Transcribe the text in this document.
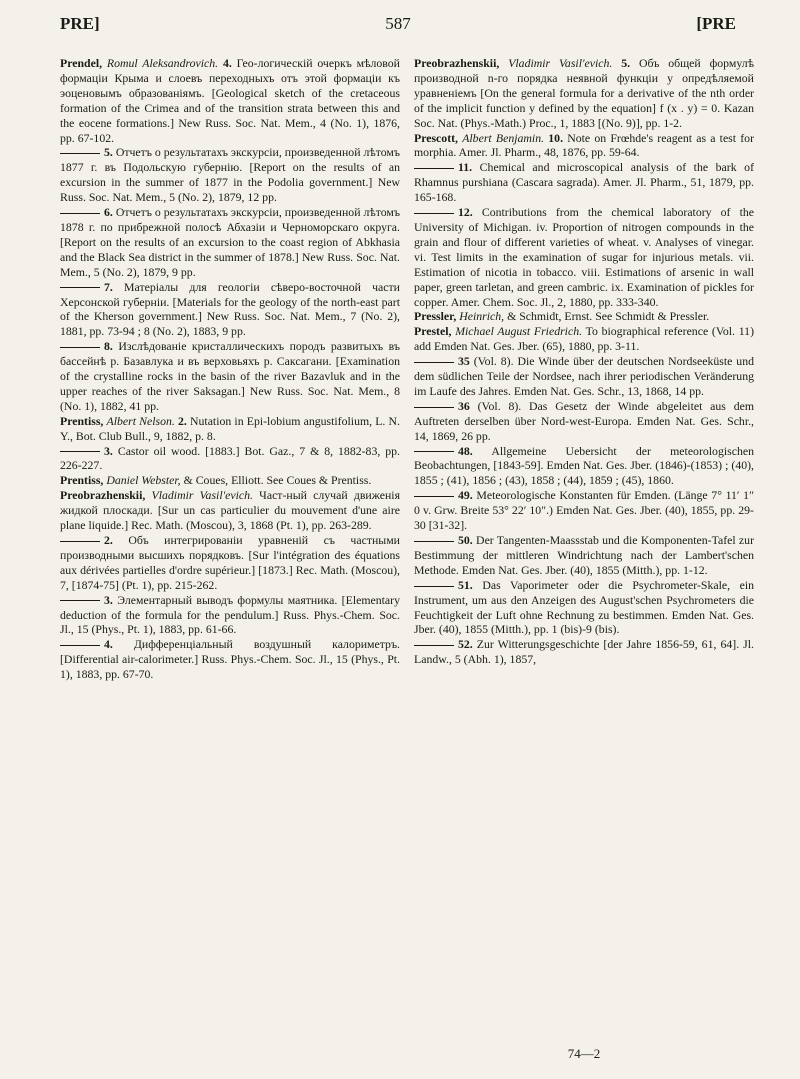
PRE]	587	[PRE

Prendel, Romul Aleksandrovich. 4. Гео-логическій очеркъ мѣловой формаціи Крыма и слоевъ переходныхъ отъ этой формаціи къ эоценовымъ образованіямъ. [Geological sketch of the cretaceous formation of the Crimea and of the transition strata between this and the eocene formations.] New Russ. Soc. Nat. Mem., 4 (No. 1), 1876, pp. 67-102.

5. Отчетъ о результатахъ экскурсіи, произведенной лѣтомъ 1877 г. въ Подольскую губернію. [Report on the results of an excursion in the summer of 1877 in the Podolia government.] New Russ. Soc. Nat. Mem., 5 (No. 2), 1879, 12 pp.

6. Отчетъ о результатахъ экскурсіи, произведенной лѣтомъ 1878 г. по прибрежной полосѣ Абхазіи и Черноморскаго округа. [Report on the results of an excursion to the coast region of Abkhasia and the Black Sea district in the summer of 1878.] New Russ. Soc. Nat. Mem., 5 (No. 2), 1879, 9 pp.

7. Матеріалы для геологіи сѣверо-восточной части Херсонской губерніи. [Materials for the geology of the north-east part of the Kherson government.] New Russ. Soc. Nat. Mem., 7 (No. 2), 1881, pp. 73-94 ; 8 (No. 2), 1883, 9 pp.

8. Изслѣдованіе кристаллическихъ породъ развитыхъ въ бассейнѣ р. Базавлука и въ верховьяхъ р. Саксагани. [Examination of the crystalline rocks in the basin of the river Bazavluk and in the upper reaches of the river Saksagan.] New Russ. Soc. Nat. Mem., 8 (No. 1), 1882, 41 pp.

Prentiss, Albert Nelson. 2. Nutation in Epi-lobium angustifolium, L. N. Y., Bot. Club Bull., 9, 1882, p. 8.

3. Castor oil wood. [1883.] Bot. Gaz., 7 & 8, 1882-83, pp. 226-227.

Prentiss, Daniel Webster, & Coues, Elliott. See Coues & Prentiss.

Preobrazhenskii, Vladimir Vasil'evich. Част-ный случай движенія жидкой плоскади. [Sur un cas particulier du mouvement d'une aire plane liquide.] Rec. Math. (Moscou), 3, 1868 (Pt. 1), pp. 263-289.

2. Объ интегрированіи уравненій съ частными производными высшихъ порядковъ. [Sur l'intégration des équations aux dérivées partielles d'ordre supérieur.] [1873.] Rec. Math. (Moscou), 7, [1874-75] (Pt. 1), pp. 215-262.

3. Элементарный выводъ формулы маятника. [Elementary deduction of the formula for the pendulum.] Russ. Phys.-Chem. Soc. Jl., 15 (Phys., Pt. 1), 1883, pp. 61-66.

4. Дифференціальный воздушный калориметръ. [Differential air-calorimeter.] Russ. Phys.-Chem. Soc. Jl., 15 (Phys., Pt. 1), 1883, pp. 67-70.

Preobrazhenskii, Vladimir Vasil'evich. 5. Объ общей формулѣ производной n-го порядка неявной функціи y опредѣляемой уравненіемъ [On the general formula for a derivative of the nth order of the implicit function y defined by the equation] f (x . y) = 0. Kazan Soc. Nat. (Phys.-Math.) Proc., 1, 1883 [(No. 9)], pp. 1-2.

Prescott, Albert Benjamin. 10. Note on Frœhde's reagent as a test for morphia. Amer. Jl. Pharm., 48, 1876, pp. 59-64.

11. Chemical and microscopical analysis of the bark of Rhamnus purshiana (Cascara sagrada). Amer. Jl. Pharm., 51, 1879, pp. 165-168.

12. Contributions from the chemical laboratory of the University of Michigan. iv. Proportion of nitrogen compounds in the grain and flour of different varieties of wheat. v. Analyses of vinegar. vi. Test limits in the examination of sugar for injurious metals. vii. Estimation of nicotia in tobacco. viii. Estimations of arsenic in wall paper, green tarletan, and green cambric. ix. Examination of pickles for copper. Amer. Chem. Soc. Jl., 2, 1880, pp. 333-340.

Pressler, Heinrich, & Schmidt, Ernst. See Schmidt & Pressler.

Prestel, Michael August Friedrich. To biographical reference (Vol. 11) add Emden Nat. Ges. Jber. (65), 1880, pp. 3-11.

35 (Vol. 8). Die Winde über der deutschen Nordseeküste und dem südlichen Teile der Nordsee, nach ihrer periodischen Veränderung im Laufe des Jahres. Emden Nat. Ges. Schr., 13, 1868, 14 pp.

36 (Vol. 8). Das Gesetz der Winde abgeleitet aus dem Auftreten derselben über Nord-west-Europa. Emden Nat. Ges. Schr., 14, 1869, 26 pp.

48. Allgemeine Uebersicht der meteorologischen Beobachtungen, [1843-59]. Emden Nat. Ges. Jber. (1846)-(1853) ; (40), 1855 ; (41), 1856 ; (43), 1858 ; (44), 1859 ; (45), 1860.

49. Meteorologische Konstanten für Emden. (Länge 7° 11′ 1″ 0 v. Grw. Breite 53° 22′ 10″.) Emden Nat. Ges. Jber. (40), 1855, pp. 29-30 [31-32].

50. Der Tangenten-Maassstab und die Komponenten-Tafel zur Bestimmung der mittleren Windrichtung nach der Lambert'schen Methode. Emden Nat. Ges. Jber. (40), 1855 (Mitth.), pp. 1-12.

51. Das Vaporimeter oder die Psychrometer-Skale, ein Instrument, um aus den Anzeigen des August'schen Psychrometers die Feuchtigkeit der Luft ohne Rechnung zu bestimmen. Emden Nat. Ges. Jber. (40), 1855 (Mitth.), pp. 1 (bis)-9 (bis).

52. Zur Witterungsgeschichte [der Jahre 1856-59, 61, 64]. Jl. Landw., 5 (Abh. 1), 1857,

74—2
